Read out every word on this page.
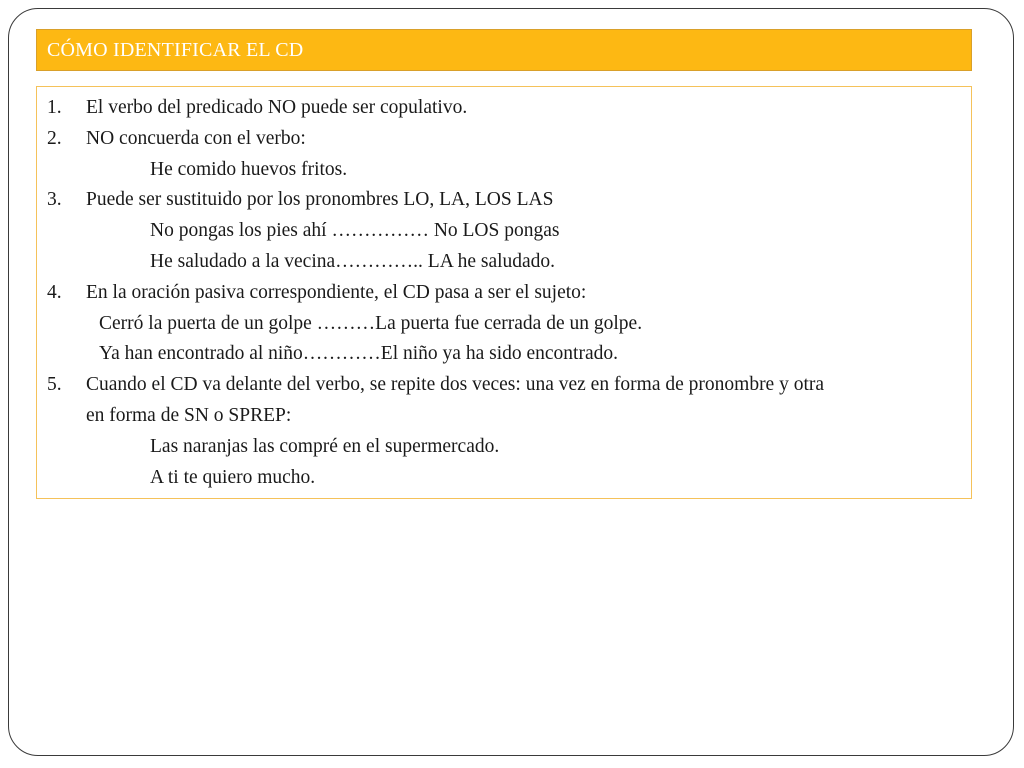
CÓMO IDENTIFICAR EL CD
1. El verbo del predicado NO puede ser copulativo.
2. NO concuerda con el verbo:
He comido huevos fritos.
3. Puede ser sustituido por los pronombres LO, LA, LOS LAS
No pongas los pies ahí …………… No LOS pongas
He saludado a la vecina………….. LA he saludado.
4. En la oración pasiva correspondiente, el CD pasa a ser el sujeto:
Cerró la puerta de un golpe ………La puerta fue cerrada de un golpe.
Ya han encontrado al niño…………El niño ya ha sido encontrado.
5. Cuando el CD va delante del verbo, se repite dos veces: una vez en forma de pronombre y otra
en forma de SN o SPREP:
Las naranjas las compré en el supermercado.
A ti te quiero mucho.
